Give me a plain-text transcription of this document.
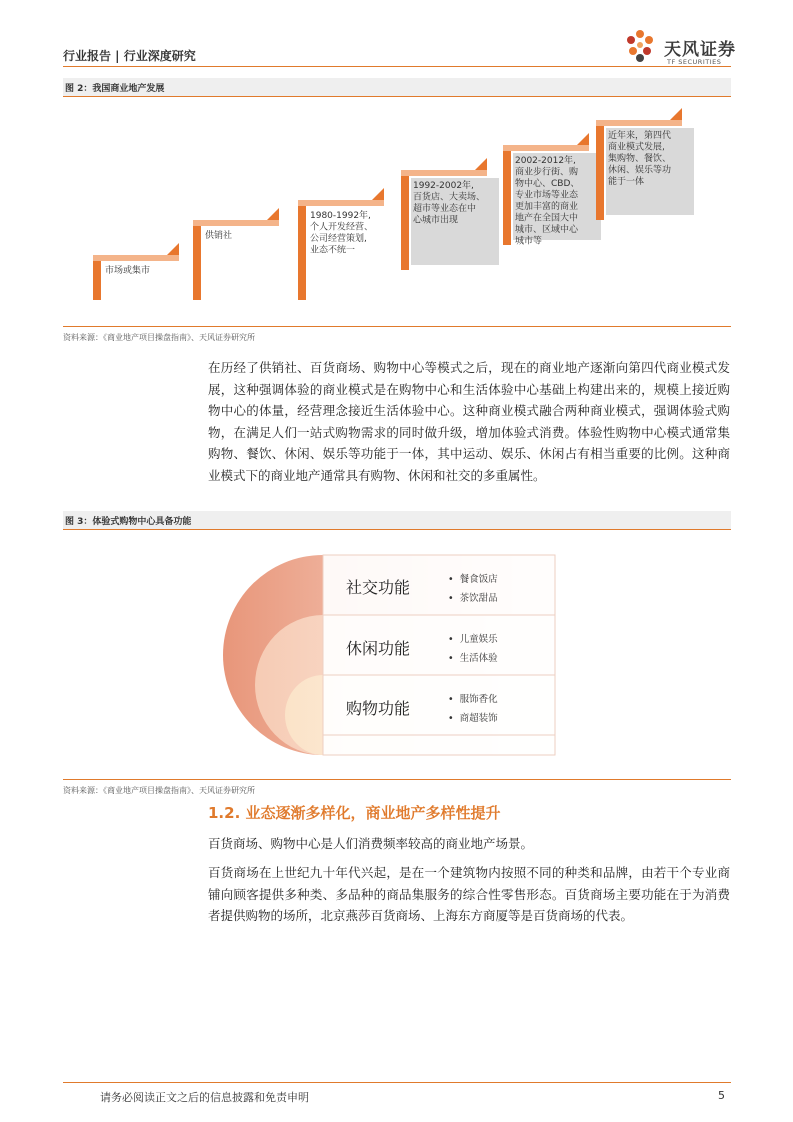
行业报告 | 行业深度研究	天风证券
TF SECURITIES
图 2：我国商业地产发展
市场或集市
供销社
1980-1992年,个人开发经营、公司经营策划,业态不统一
1992-2002年,百货店、大卖场、超市等业态在中心城市出现
2002-2012年,商业步行街、购物中心、CBD、专业市场等业态更加丰富的商业地产在全国大中城市、区域中心城市等
近年来，第四代商业模式发展,集购物、餐饮、休闲、娱乐等功能于一体
资料来源：《商业地产项目操盘指南》、天风证券研究所
在历经了供销社、百货商场、购物中心等模式之后，现在的商业地产逐渐向第四代商业模式发展，这种强调体验的商业模式是在购物中心和生活体验中心基础上构建出来的，规模上接近购物中心的体量，经营理念接近生活体验中心。这种商业模式融合两种商业模式，强调体验式购物，在满足人们一站式购物需求的同时做升级，增加体验式消费。体验性购物中心模式通常集购物、餐饮、休闲、娱乐等功能于一体，其中运动、娱乐、休闲占有相当重要的比例。这种商业模式下的商业地产通常具有购物、休闲和社交的多重属性。
图 3：体验式购物中心具备功能
社交功能	• 餐食饭店
• 茶饮甜品
休闲功能	• 儿童娱乐
• 生活体验
购物功能	• 服饰香化
• 商超装饰
资料来源：《商业地产项目操盘指南》、天风证券研究所
1.2. 业态逐渐多样化，商业地产多样性提升
百货商场、购物中心是人们消费频率较高的商业地产场景。
百货商场在上世纪九十年代兴起，是在一个建筑物内按照不同的种类和品牌，由若干个专业商铺向顾客提供多种类、多品种的商品集服务的综合性零售形态。百货商场主要功能在于为消费者提供购物的场所，北京燕莎百货商场、上海东方商厦等是百货商场的代表。
请务必阅读正文之后的信息披露和免责申明	5
